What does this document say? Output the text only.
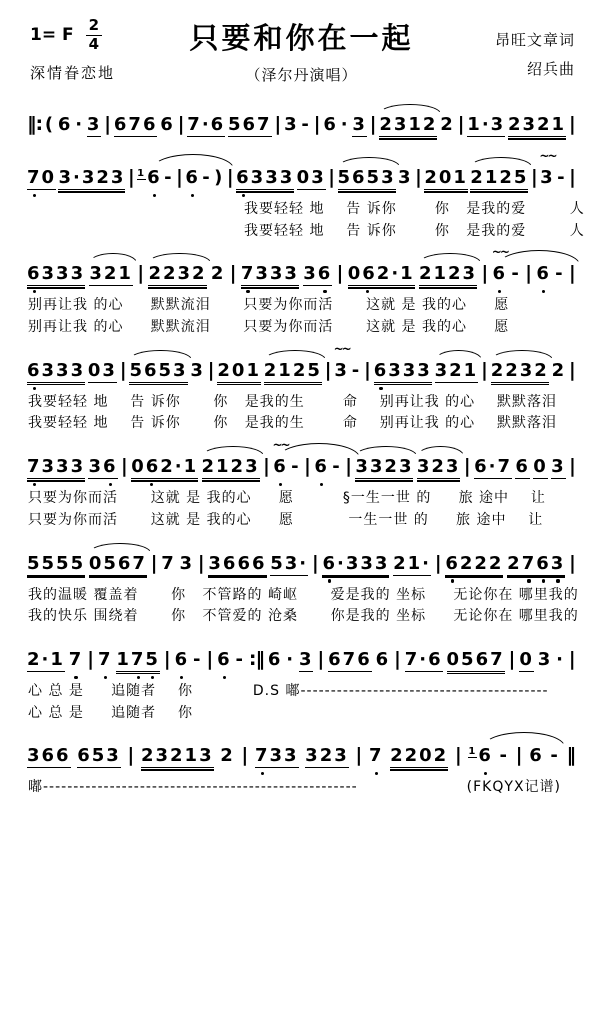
1= F $\frac{2}{4}$
深情眷恋地
只要和你在一起
（泽尔丹演唱）
昂旺文章词
绍兵曲
‖: ( 6 · 3 | 676 6 | 7·6 567 | 3 - | 6 · 3 | 2312 2 | 1·3 2321 |
70 3·323 | $^1$6 - | 6 - ) | 6333 03 | 5653 3 | 201 2125 | 3
~~
- |
我要轻轻 地    告 诉你       你   是我的爱        人
我要轻轻 地    告 诉你       你   是我的爱        人
6333 321 | 2232 2 | 7333 36 | 062·1 2123 | 6
~~
- | 6 - |
别再让我 的心     默默流泪      只要为你而活      这就 是 我的心     愿
别再让我 的心     默默流泪      只要为你而活      这就 是 我的心     愿
6333 03 | 5653 3 | 201 2125 | 3
~~
- | 6333 321 | 2232 2 |
我要轻轻 地    告 诉你      你   是我的生       命    别再让我 的心    默默落泪
我要轻轻 地    告 诉你      你   是我的生       命    别再让我 的心    默默落泪
7333 36 | 062·1 2123 | 6
~~
- | 6 - | 3323 323 | 6·7 6 0 3 |
只要为你而活      这就 是 我的心     愿         §一生一世 的     旅 途中    让
只要为你而活      这就 是 我的心     愿          一生一世 的     旅 途中    让
5555 0567 | 7 3 | 3666 53· | 6·333 21· | 6222 2763 |
我的温暖 覆盖着      你   不管路的 崎岖      爱是我的 坐标     无论你在 哪里我的
我的快乐 围绕着      你   不管爱的 沧桑      你是我的 坐标     无论你在 哪里我的
2·1 7 | 7 175 | 6 - | 6 - :‖ 6 · 3 | 676 6 | 7·6 0567 | 0 3 · |
心 总 是     追随者    你           D.S 嘟-----------------------------------------
心 总 是     追随者    你
366 653 | 23213 2 | 733 323 | 7 2202 | $^1$6 - | 6 - ‖
嘟----------------------------------------------------	(FKQYX记谱)
